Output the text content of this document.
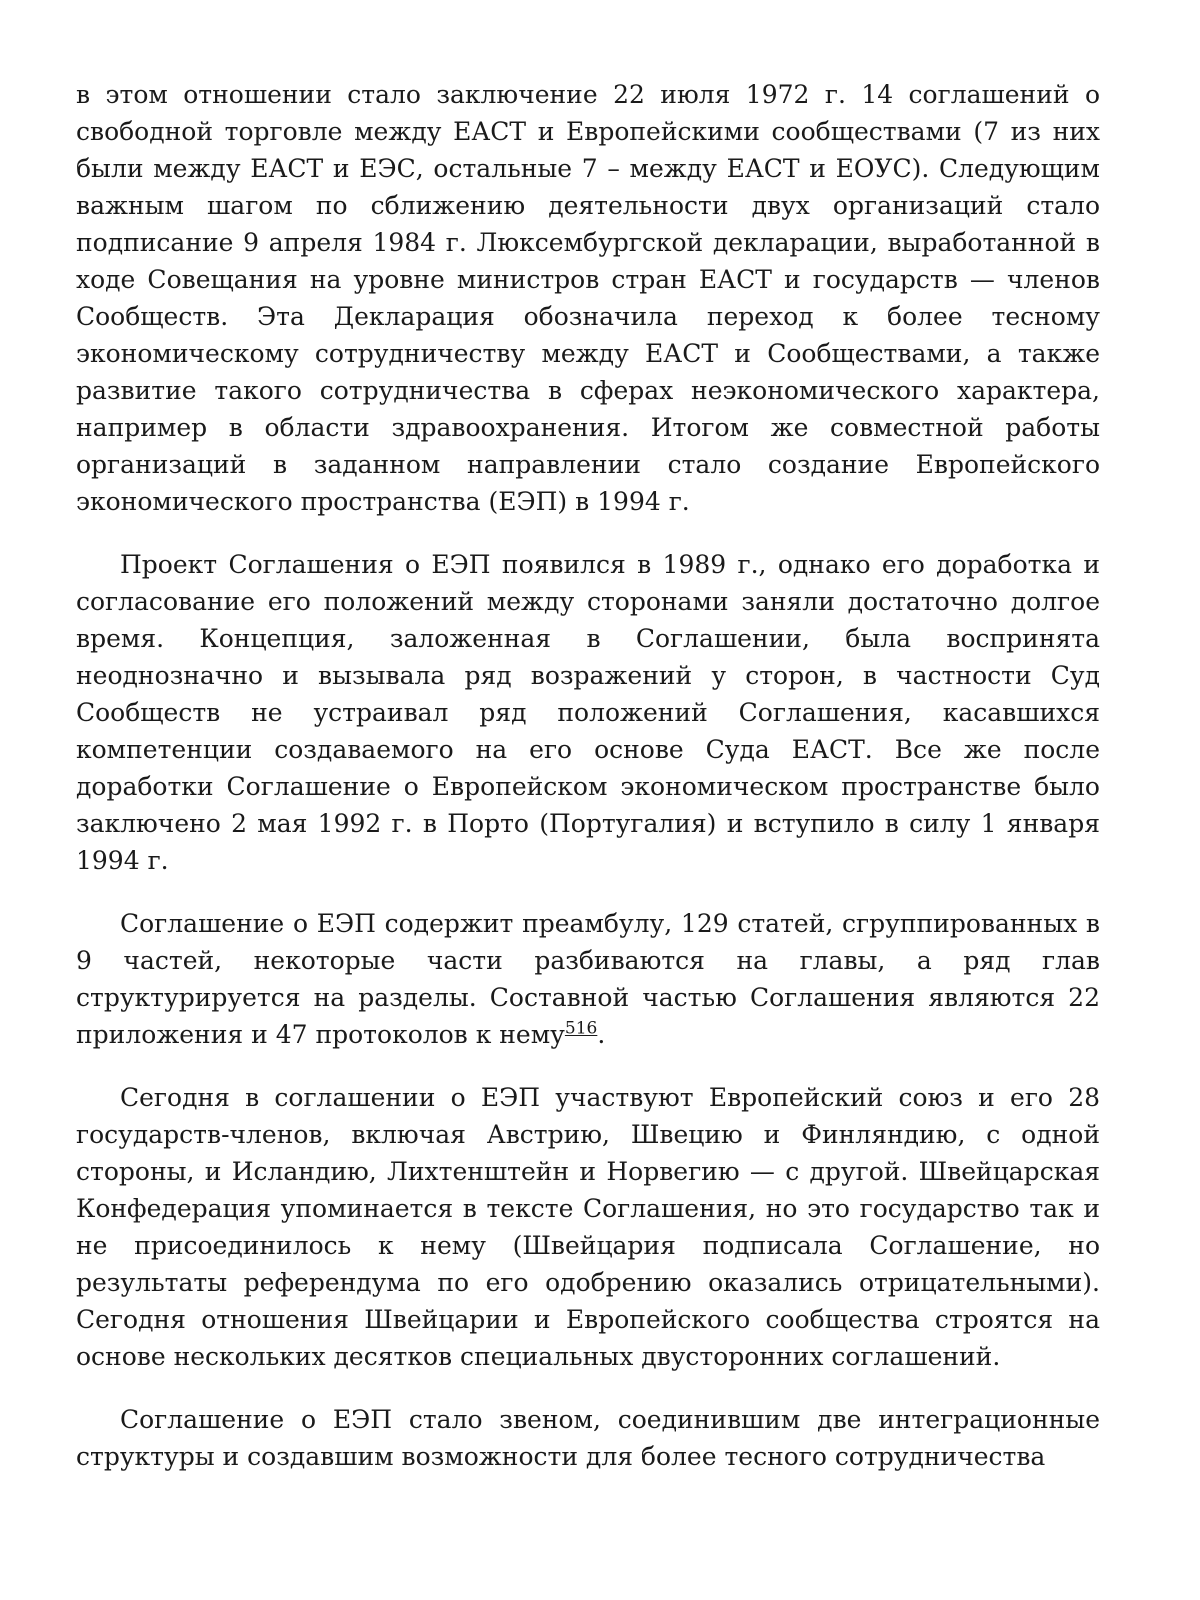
в этом отношении стало заключение 22 июля 1972 г. 14 соглашений о свободной торговле между ЕАСТ и Европейскими сообществами (7 из них были между ЕАСТ и ЕЭС, остальные 7 – между ЕАСТ и ЕОУС). Следующим важным шагом по сближению деятельности двух организаций стало подписание 9 апреля 1984 г. Люксембургской декларации, выработанной в ходе Совещания на уровне министров стран ЕАСТ и государств — членов Сообществ. Эта Декларация обозначила переход к более тесному экономическому сотрудничеству между ЕАСТ и Сообществами, а также развитие такого сотрудничества в сферах неэкономического характера, например в области здравоохранения. Итогом же совместной работы организаций в заданном направлении стало создание Европейского экономического пространства (ЕЭП) в 1994 г.

Проект Соглашения о ЕЭП появился в 1989 г., однако его доработка и согласование его положений между сторонами заняли достаточно долгое время. Концепция, заложенная в Соглашении, была воспринята неоднозначно и вызывала ряд возражений у сторон, в частности Суд Сообществ не устраивал ряд положений Соглашения, касавшихся компетенции создаваемого на его основе Суда ЕАСТ. Все же после доработки Соглашение о Европейском экономическом пространстве было заключено 2 мая 1992 г. в Порто (Португалия) и вступило в силу 1 января 1994 г.

Соглашение о ЕЭП содержит преамбулу, 129 статей, сгруппированных в 9 частей, некоторые части разбиваются на главы, а ряд глав структурируется на разделы. Составной частью Соглашения являются 22 приложения и 47 протоколов к нему$^{516}$.

Сегодня в соглашении о ЕЭП участвуют Европейский союз и его 28 государств-членов, включая Австрию, Швецию и Финляндию, с одной стороны, и Исландию, Лихтенштейн и Норвегию — с другой. Швейцарская Конфедерация упоминается в тексте Соглашения, но это государство так и не присоединилось к нему (Швейцария подписала Соглашение, но результаты референдума по его одобрению оказались отрицательными). Сегодня отношения Швейцарии и Европейского сообщества строятся на основе нескольких десятков специальных двусторонних соглашений.

Соглашение о ЕЭП стало звеном, соединившим две интеграционные структуры и создавшим возможности для более тесного сотрудничества
